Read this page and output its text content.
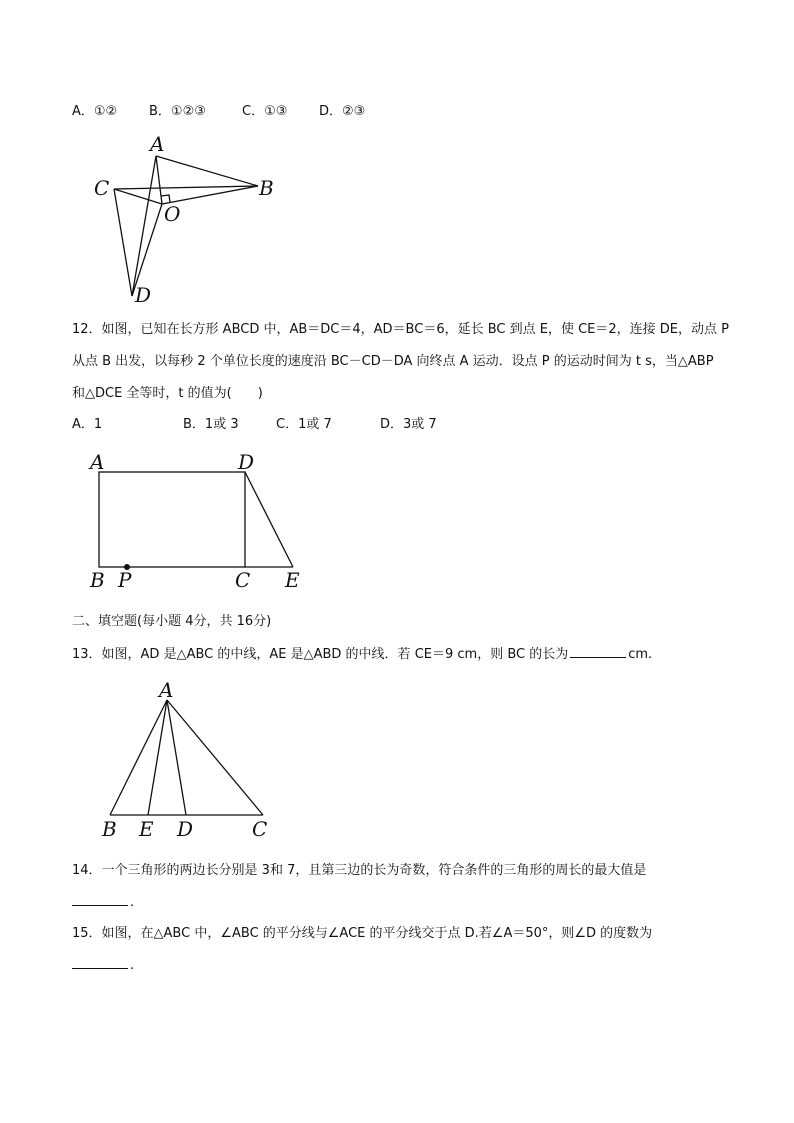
A．①② B．①②③	C．①③ D．②③
A
B
C
O
D
12．如图，已知在长方形 ABCD 中，AB＝DC＝4，AD＝BC＝6，延长 BC 到点 E，使 CE＝2，连接 DE，动点 P
从点 B 出发，以每秒 2 个单位长度的速度沿 BC－CD－DA 向终点 A 运动．设点 P 的运动时间为 t s，当△ABP
和△DCE 全等时，t 的值为( )
A．1	B．1或 3	C．1或 7	D．3或 7
A	D
B P	C E
二、填空题(每小题 4分，共 16分)
13．如图，AD 是△ABC 的中线，AE 是△ABD 的中线．若 CE＝9 cm，则 BC 的长为	cm.
A
B E D	C
14．一个三角形的两边长分别是 3和 7，且第三边的长为奇数，符合条件的三角形的周长的最大值是
.
15．如图，在△ABC 中，∠ABC 的平分线与∠ACE 的平分线交于点 D.若∠A＝50°，则∠D 的度数为
.
